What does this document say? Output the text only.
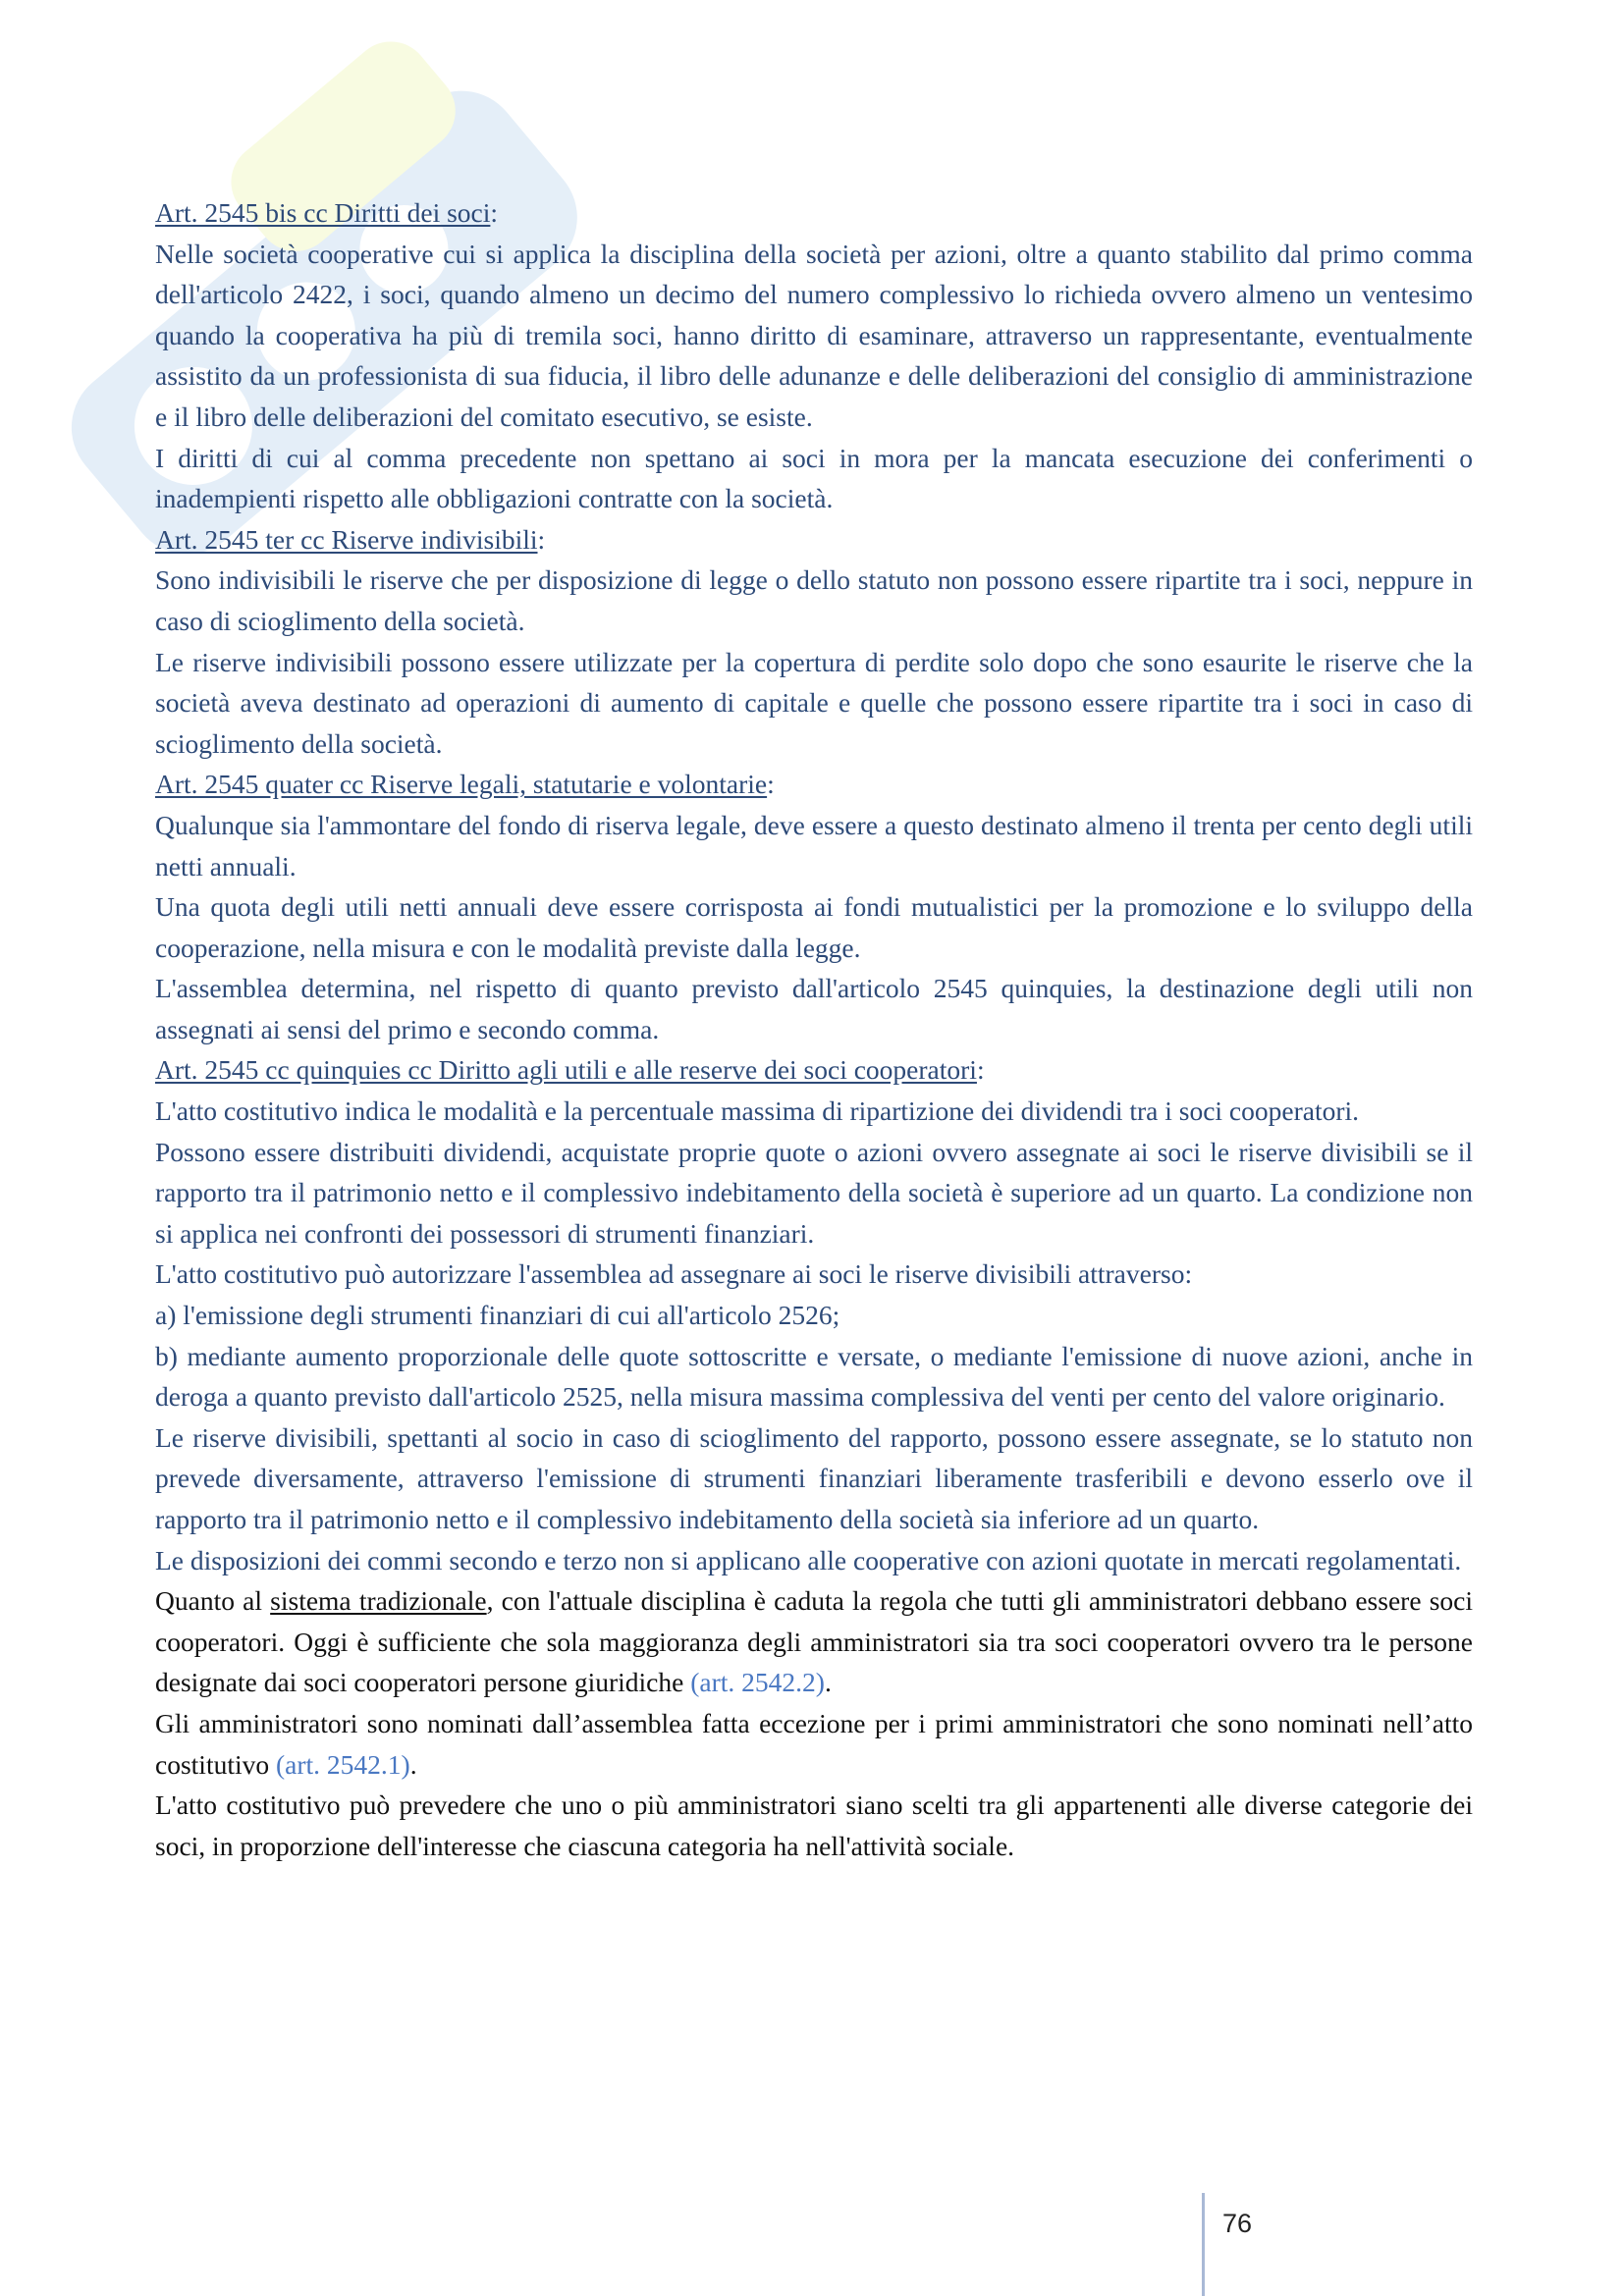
Art. 2545 bis cc Diritti dei soci:

Nelle società cooperative cui si applica la disciplina della società per azioni, oltre a quanto stabilito dal primo comma dell'articolo 2422, i soci, quando almeno un decimo del numero complessivo lo richieda ovvero almeno un ventesimo quando la cooperativa ha più di tremila soci, hanno diritto di esaminare, attraverso un rappresentante, eventualmente assistito da un professionista di sua fiducia, il libro delle adunanze e delle deliberazioni del consiglio di amministrazione e il libro delle deliberazioni del comitato esecutivo, se esiste.

I diritti di cui al comma precedente non spettano ai soci in mora per la mancata esecuzione dei conferimenti o inadempienti rispetto alle obbligazioni contratte con la società.

Art. 2545 ter cc Riserve indivisibili:

Sono indivisibili le riserve che per disposizione di legge o dello statuto non possono essere ripartite tra i soci, neppure in caso di scioglimento della società.

Le riserve indivisibili possono essere utilizzate per la copertura di perdite solo dopo che sono esaurite le riserve che la società aveva destinato ad operazioni di aumento di capitale e quelle che possono essere ripartite tra i soci in caso di scioglimento della società.

Art. 2545 quater cc Riserve legali, statutarie e volontarie:

Qualunque sia l'ammontare del fondo di riserva legale, deve essere a questo destinato almeno il trenta per cento degli utili netti annuali.

Una quota degli utili netti annuali deve essere corrisposta ai fondi mutualistici per la promozione e lo sviluppo della cooperazione, nella misura e con le modalità previste dalla legge.

L'assemblea determina, nel rispetto di quanto previsto dall'articolo 2545 quinquies, la destinazione degli utili non assegnati ai sensi del primo e secondo comma.

Art. 2545 cc quinquies cc Diritto agli utili e alle reserve dei soci cooperatori:

L'atto costitutivo indica le modalità e la percentuale massima di ripartizione dei dividendi tra i soci cooperatori.

Possono essere distribuiti dividendi, acquistate proprie quote o azioni ovvero assegnate ai soci le riserve divisibili se il rapporto tra il patrimonio netto e il complessivo indebitamento della società è superiore ad un quarto. La condizione non si applica nei confronti dei possessori di strumenti finanziari.

L'atto costitutivo può autorizzare l'assemblea ad assegnare ai soci le riserve divisibili attraverso:

a) l'emissione degli strumenti finanziari di cui all'articolo 2526;

b) mediante aumento proporzionale delle quote sottoscritte e versate, o mediante l'emissione di nuove azioni, anche in deroga a quanto previsto dall'articolo 2525, nella misura massima complessiva del venti per cento del valore originario.

Le riserve divisibili, spettanti al socio in caso di scioglimento del rapporto, possono essere assegnate, se lo statuto non prevede diversamente, attraverso l'emissione di strumenti finanziari liberamente trasferibili e devono esserlo ove il rapporto tra il patrimonio netto e il complessivo indebitamento della società sia inferiore ad un quarto.

Le disposizioni dei commi secondo e terzo non si applicano alle cooperative con azioni quotate in mercati regolamentati.

Quanto al sistema tradizionale, con l'attuale disciplina è caduta la regola che tutti gli amministratori debbano essere soci cooperatori. Oggi è sufficiente che sola maggioranza degli amministratori sia tra soci cooperatori ovvero tra le persone designate dai soci cooperatori persone giuridiche (art. 2542.2).

Gli amministratori sono nominati dall’assemblea fatta eccezione per i primi amministratori che sono nominati nell’atto costitutivo (art. 2542.1).

L'atto costitutivo può prevedere che uno o più amministratori siano scelti tra gli appartenenti alle diverse categorie dei soci, in proporzione dell'interesse che ciascuna categoria ha nell'attività sociale.

76
